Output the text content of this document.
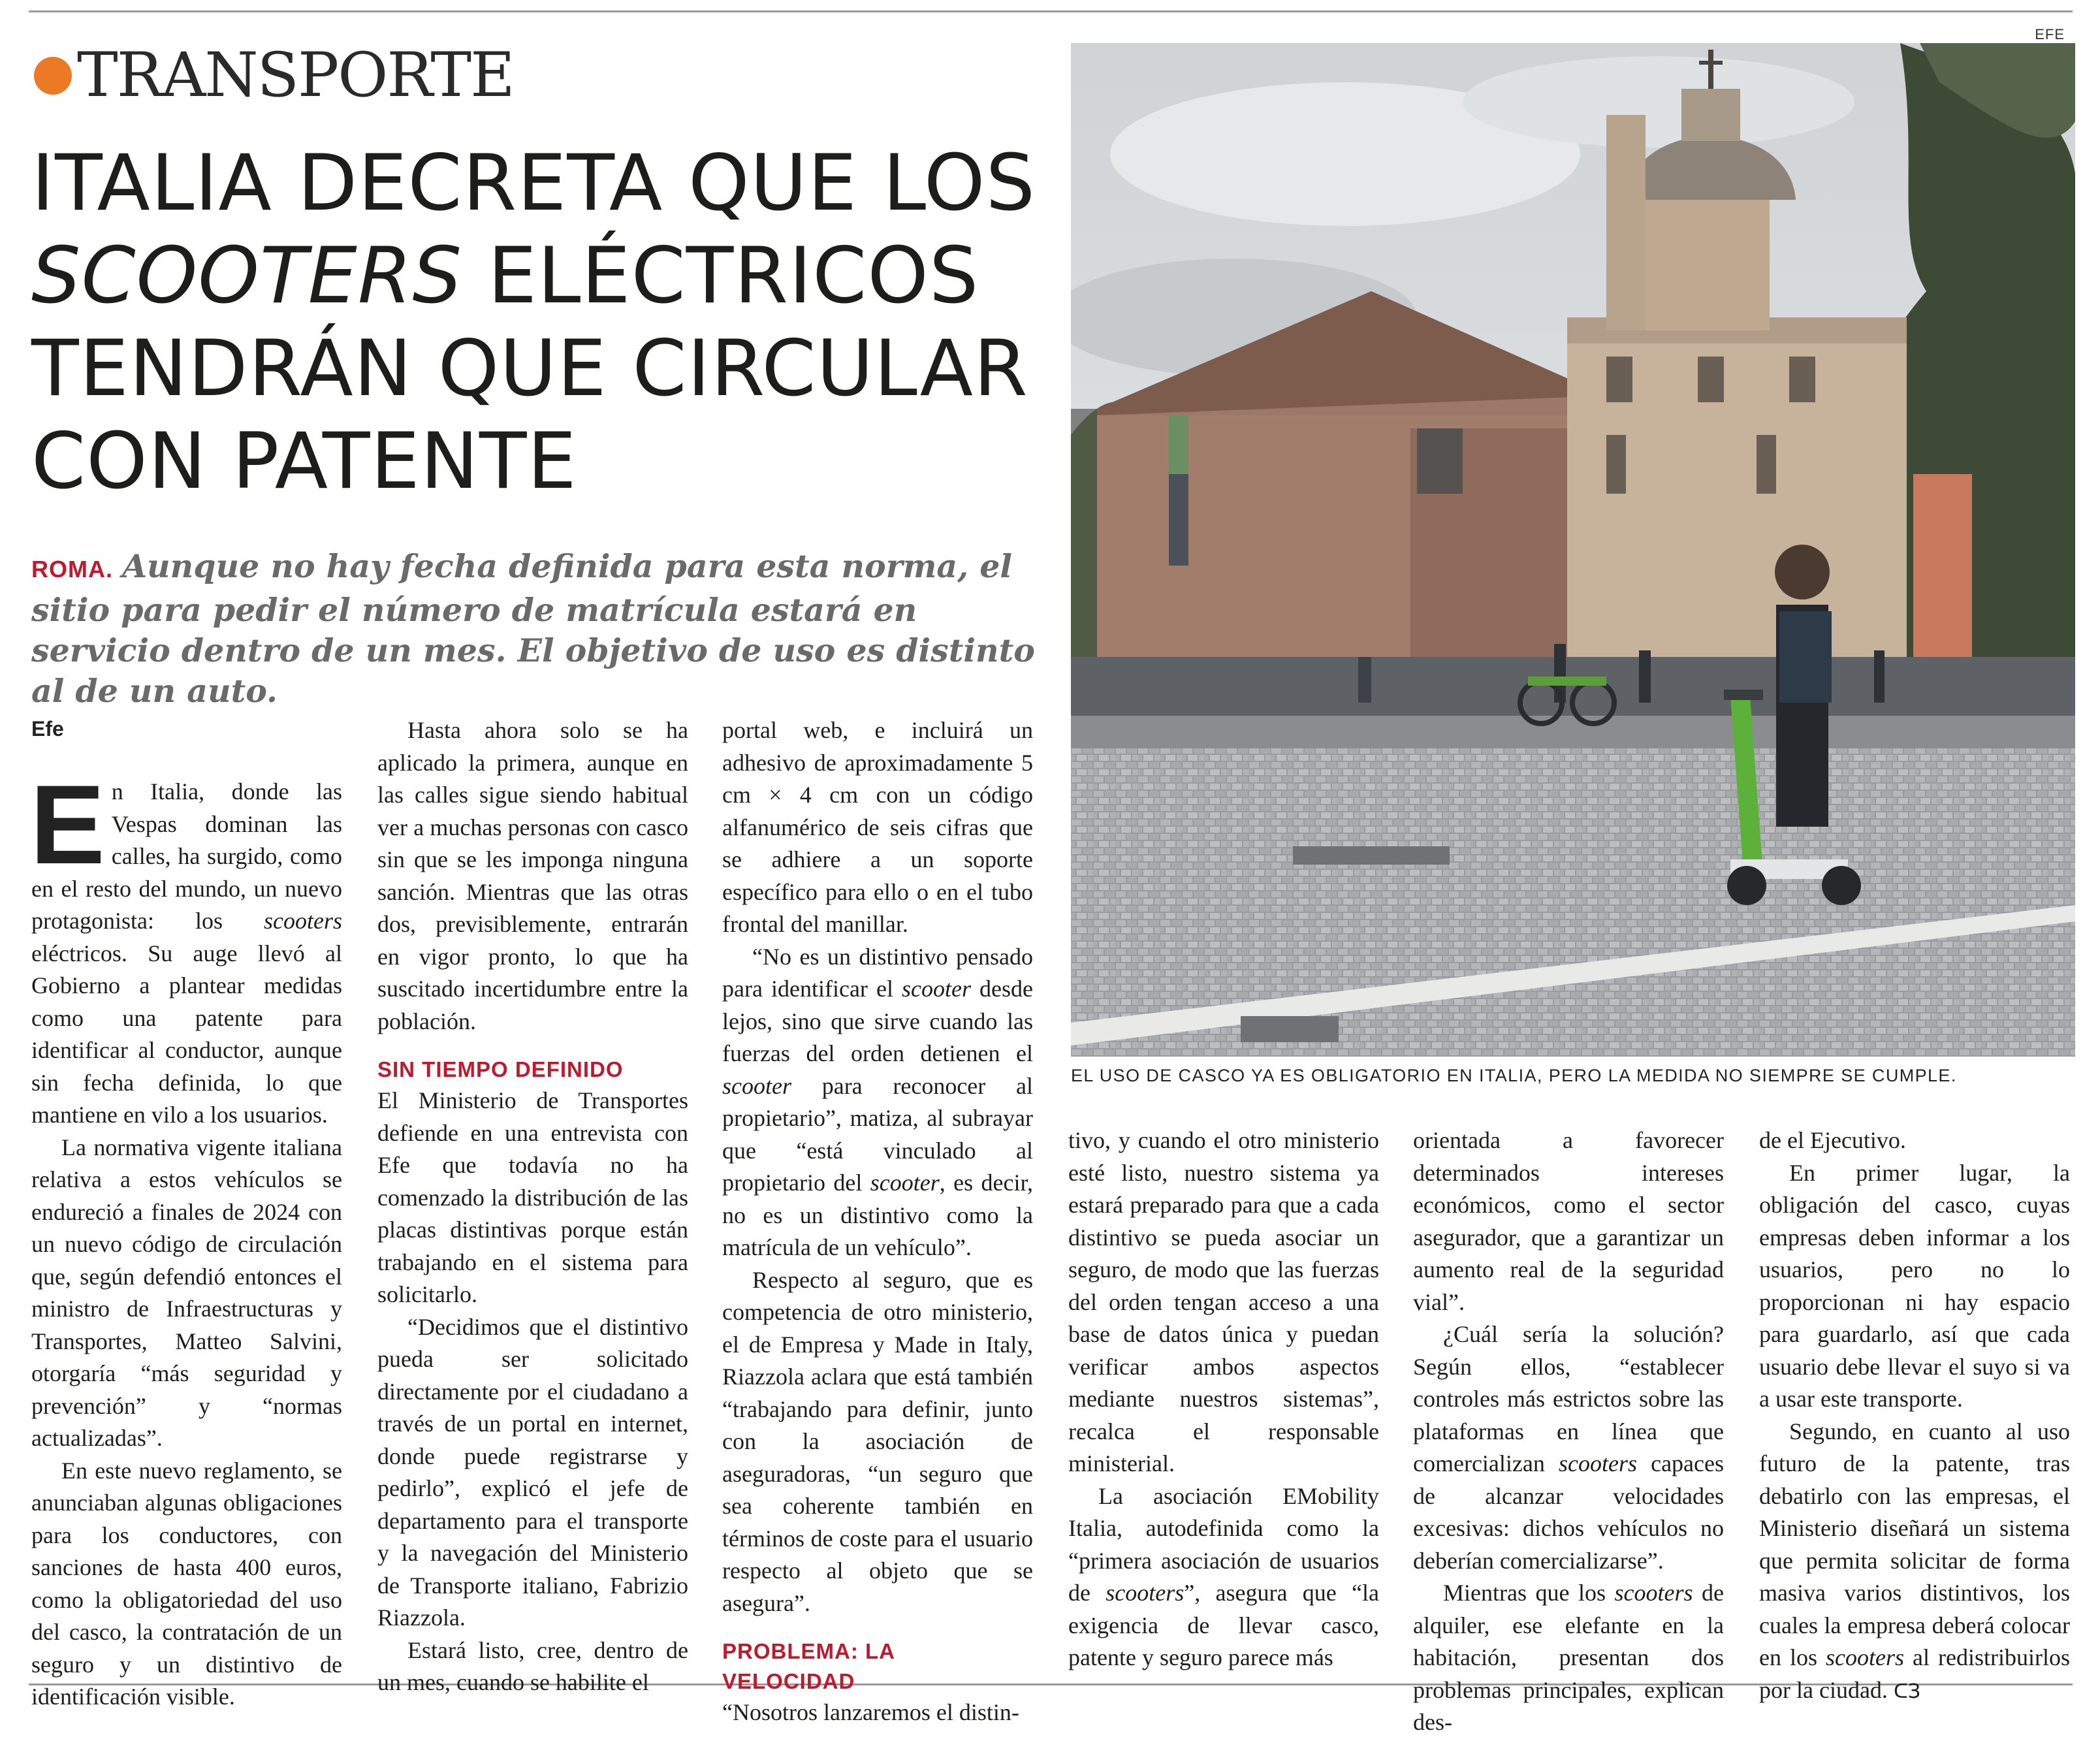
TRANSPORTE
ITALIA DECRETA QUE LOS
SCOOTERS ELÉCTRICOS
TENDRÁN QUE CIRCULAR
CON PATENTE
ROMA. Aunque no hay fecha definida para esta norma, el sitio para pedir el número de matrícula estará en servicio dentro de un mes. El objetivo de uso es distinto al de un auto.
EFE
EL USO DE CASCO YA ES OBLIGATORIO EN ITALIA, PERO LA MEDIDA NO SIEMPRE SE CUMPLE.
Efe

En Italia, donde las Vespas dominan las calles, ha surgido, como en el resto del mundo, un nuevo protagonista: los scooters eléctricos. Su auge llevó al Gobierno a plantear medidas como una patente para identificar al conductor, aunque sin fecha definida, lo que mantiene en vilo a los usuarios.

La normativa vigente italiana relativa a estos vehículos se endureció a finales de 2024 con un nuevo código de circulación que, según defendió entonces el ministro de Infraestructuras y Transportes, Matteo Salvini, otorgaría “más seguridad y prevención” y “normas actualizadas”.

En este nuevo reglamento, se anunciaban algunas obligaciones para los conductores, con sanciones de hasta 400 euros, como la obligatoriedad del uso del casco, la contratación de un seguro y un distintivo de identificación visible.

Hasta ahora solo se ha aplicado la primera, aunque en las calles sigue siendo habitual ver a muchas personas con casco sin que se les imponga ninguna sanción. Mientras que las otras dos, previsiblemente, entrarán en vigor pronto, lo que ha suscitado incertidumbre entre la población.

SIN TIEMPO DEFINIDO

El Ministerio de Transportes defiende en una entrevista con Efe que todavía no ha comenzado la distribución de las placas distintivas porque están trabajando en el sistema para solicitarlo.

“Decidimos que el distintivo pueda ser solicitado directamente por el ciudadano a través de un portal en internet, donde puede registrarse y pedirlo”, explicó el jefe de departamento para el transporte y la navegación del Ministerio de Transporte italiano, Fabrizio Riazzola.

Estará listo, cree, dentro de un mes, cuando se habilite el

portal web, e incluirá un adhesivo de aproximadamente 5 cm × 4 cm con un código alfanumérico de seis cifras que se adhiere a un soporte específico para ello o en el tubo frontal del manillar.

“No es un distintivo pensado para identificar el scooter desde lejos, sino que sirve cuando las fuerzas del orden detienen el scooter para reconocer al propietario”, matiza, al subrayar que “está vinculado al propietario del scooter, es decir, no es un distintivo como la matrícula de un vehículo”.

Respecto al seguro, que es competencia de otro ministerio, el de Empresa y Made in Italy, Riazzola aclara que está también “trabajando para definir, junto con la asociación de aseguradoras, “un seguro que sea coherente también en términos de coste para el usuario respecto al objeto que se asegura”.

PROBLEMA: LA VELOCIDAD

“Nosotros lanzaremos el distin-

tivo, y cuando el otro ministerio esté listo, nuestro sistema ya estará preparado para que a cada distintivo se pueda asociar un seguro, de modo que las fuerzas del orden tengan acceso a una base de datos única y puedan verificar ambos aspectos mediante nuestros sistemas”, recalca el responsable ministerial.

La asociación EMobility Italia, autodefinida como la “primera asociación de usuarios de scooters”, asegura que “la exigencia de llevar casco, patente y seguro parece más

orientada a favorecer determinados intereses económicos, como el sector asegurador, que a garantizar un aumento real de la seguridad vial”.

¿Cuál sería la solución? Según ellos, “establecer controles más estrictos sobre las plataformas en línea que comercializan scooters capaces de alcanzar velocidades excesivas: dichos vehículos no deberían comercializarse”.

Mientras que los scooters de alquiler, ese elefante en la habitación, presentan dos problemas principales, explican des-

de el Ejecutivo.

En primer lugar, la obligación del casco, cuyas empresas deben informar a los usuarios, pero no lo proporcionan ni hay espacio para guardarlo, así que cada usuario debe llevar el suyo si va a usar este transporte.

Segundo, en cuanto al uso futuro de la patente, tras debatirlo con las empresas, el Ministerio diseñará un sistema que permita solicitar de forma masiva varios distintivos, los cuales la empresa deberá colocar en los scooters al redistribuirlos por la ciudad. ᑕЗ
